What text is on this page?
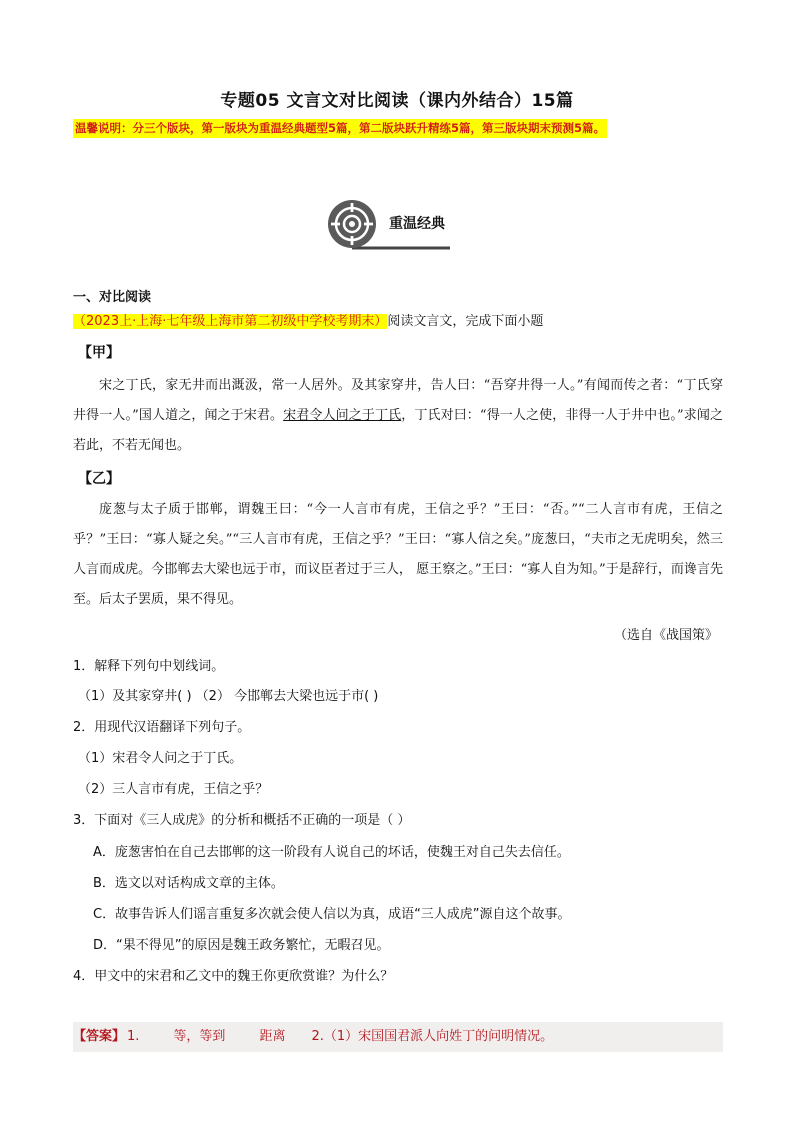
专题05 文言文对比阅读（课内外结合）15篇
温馨说明：分三个版块，第一版块为重温经典题型5篇，第二版块跃升精练5篇，第三版块期末预测5篇。
重温经典
一、对比阅读
（2023上·上海·七年级上海市第二初级中学校考期末）阅读文言文，完成下面小题
【甲】
宋之丁氏，家无井而出溉汲，常一人居外。及其家穿井，告人曰：“吾穿井得一人。”有闻而传之者：“丁氏穿井得一人。”国人道之，闻之于宋君。宋君令人问之于丁氏，丁氏对曰：“得一人之使，非得一人于井中也。”求闻之若此，不若无闻也。
【乙】
庞葱与太子质于邯郸，谓魏王曰：“今一人言市有虎，王信之乎？”王曰：“否。”“二人言市有虎，王信之乎？”王曰：“寡人疑之矣。”“三人言市有虎，王信之乎？”王曰：“寡人信之矣。”庞葱曰，“夫市之无虎明矣，然三人言而成虎。今邯郸去大梁也远于市，而议臣者过于三人， 愿王察之。”王曰：“寡人自为知。”于是辞行，而谗言先至。后太子罢质，果不得见。
（选自《战国策》
1．解释下列句中划线词。
（1）及其家穿井( ) （2） 今邯郸去大梁也远于市( )
2．用现代汉语翻译下列句子。
（1）宋君令人问之于丁氏。
（2）三人言市有虎，王信之乎？
3．下面对《三人成虎》的分析和概括不正确的一项是（ ）
A．庞葱害怕在自己去邯郸的这一阶段有人说自己的坏话，使魏王对自己失去信任。
B．选文以对话构成文章的主体。
C．故事告诉人们谣言重复多次就会使人信以为真，成语“三人成虎”源自这个故事。
D．“果不得见”的原因是魏王政务繁忙，无暇召见。
4．甲文中的宋君和乙文中的魏王你更欣赏谁？为什么？
【答案】 1.	等，等到	距离 2.（1）宋国国君派人向姓丁的问明情况。
